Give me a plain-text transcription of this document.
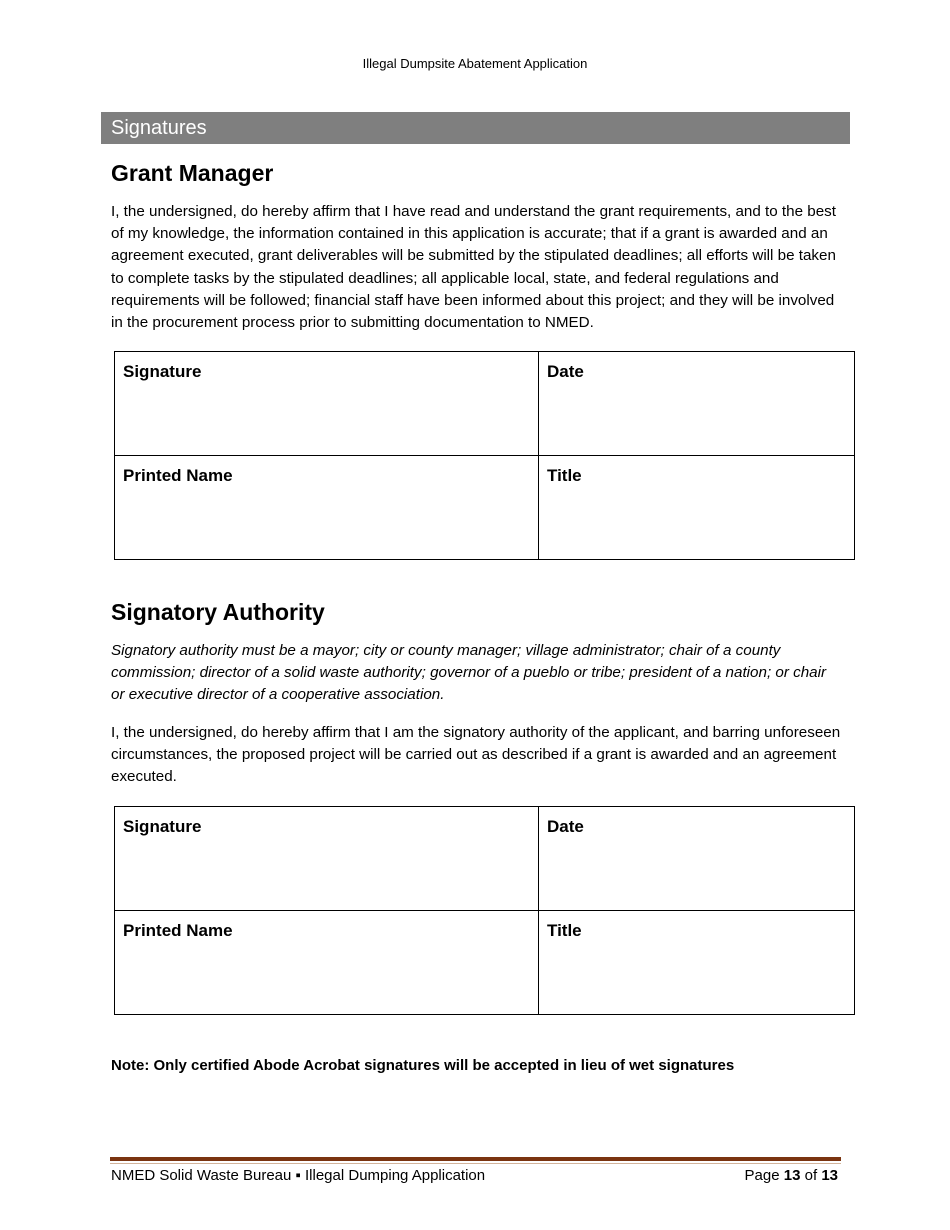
Illegal Dumpsite Abatement Application
Signatures
Grant Manager
I, the undersigned, do hereby affirm that I have read and understand the grant requirements, and to the best of my knowledge, the information contained in this application is accurate; that if a grant is awarded and an agreement executed, grant deliverables will be submitted by the stipulated deadlines; all efforts will be taken to complete tasks by the stipulated deadlines; all applicable local, state, and federal regulations and requirements will be followed; financial staff have been informed about this project; and they will be involved in the procurement process prior to submitting documentation to NMED.
Signature	Date
Printed Name	Title
Signatory Authority
Signatory authority must be a mayor; city or county manager; village administrator; chair of a county commission; director of a solid waste authority; governor of a pueblo or tribe; president of a nation; or chair or executive director of a cooperative association.
I, the undersigned, do hereby affirm that I am the signatory authority of the applicant, and barring unforeseen circumstances, the proposed project will be carried out as described if a grant is awarded and an agreement executed.
Signature	Date
Printed Name	Title
Note: Only certified Abode Acrobat signatures will be accepted in lieu of wet signatures
NMED Solid Waste Bureau ▪ Illegal Dumping Application	Page 13 of 13
